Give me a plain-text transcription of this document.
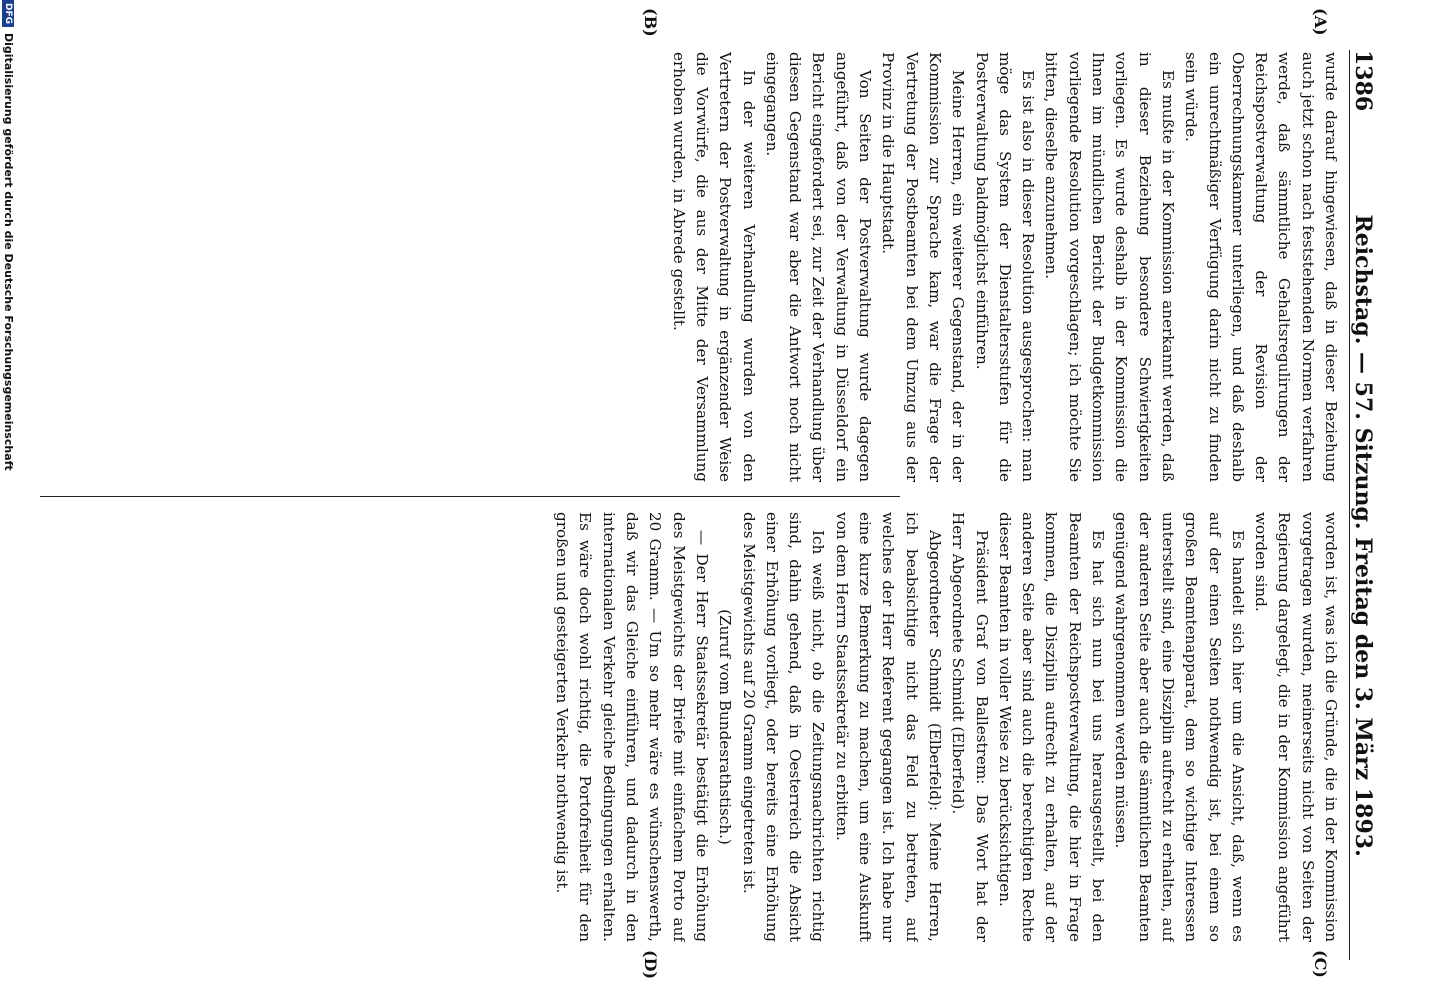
1386
Reichstag. — 57. Sitzung. Freitag den 3. März 1893.
(A)
(B)
(C)
(D)

wurde darauf hingewiesen, daß in dieser Beziehung auch jetzt schon nach feststehenden Normen verfahren werde, daß sämmtliche Gehaltsregulirungen der Reichspostverwaltung der Revision der Oberrechnungskammer unterliegen, und daß deshalb ein unrechtmäßiger Verfügung darin nicht zu finden sein würde.

Es mußte in der Kommission anerkannt werden, daß in dieser Beziehung besondere Schwierigkeiten vorliegen. Es wurde deshalb in der Kommission die Ihnen im mündlichen Bericht der Budgetkommission vorliegende Resolution vorgeschlagen; ich möchte Sie bitten, dieselbe anzunehmen.

Es ist also in dieser Resolution ausgesprochen: man möge das System der Dienstaltersstufen für die Postverwaltung baldmöglichst einführen.

Meine Herren, ein weiterer Gegenstand, der in der Kommission zur Sprache kam, war die Frage der Vertretung der Postbeamten bei dem Umzug aus der Provinz in die Hauptstadt.

Von Seiten der Postverwaltung wurde dagegen angeführt, daß von der Verwaltung in Düsseldorf ein Bericht eingefordert sei, zur Zeit der Verhandlung über diesen Gegenstand war aber die Antwort noch nicht eingegangen.

In der weiteren Verhandlung wurden von den Vertretern der Postverwaltung in ergänzender Weise die Vorwürfe, die aus der Mitte der Versammlung erhoben wurden, in Abrede gestellt.

worden ist, was ich die Gründe, die in der Kommission vorgetragen wurden, meinerseits nicht von Seiten der Regierung dargelegt, die in der Kommission angeführt worden sind.

Es handelt sich hier um die Ansicht, daß, wenn es auf der einen Seiten nothwendig ist, bei einem so großen Beamtenapparat, dem so wichtige Interessen unterstellt sind, eine Disziplin aufrecht zu erhalten, auf der anderen Seite aber auch die sämmtlichen Beamten genügend wahrgenommen werden müssen.

Es hat sich nun bei uns herausgestellt, bei den Beamten der Reichspostverwaltung, die hier in Frage kommen, die Disziplin aufrecht zu erhalten, auf der anderen Seite aber sind auch die berechtigten Rechte dieser Beamten in voller Weise zu berücksichtigen.

Präsident Graf von Ballestrem: Das Wort hat der Herr Abgeordnete Schmidt (Elberfeld).

Abgeordneter Schmidt (Elberfeld): Meine Herren, ich beabsichtige nicht das Feld zu betreten, auf welches der Herr Referent gegangen ist. Ich habe nur eine kurze Bemerkung zu machen, um eine Auskunft von dem Herrn Staatssekretär zu erbitten.

Ich weiß nicht, ob die Zeitungsnachrichten richtig sind, dahin gehend, daß in Oesterreich die Absicht einer Erhöhung vorliegt, oder bereits eine Erhöhung des Meistgewichts auf 20 Gramm eingetreten ist.

(Zuruf vom Bundesrathstisch.)

— Der Herr Staatssekretär bestätigt die Erhöhung des Meistgewichts der Briefe mit einfachem Porto auf 20 Gramm. — Um so mehr wäre es wünschenswerth, daß wir das Gleiche einführen, und dadurch in den internationalen Verkehr gleiche Bedingungen erhalten. Es wäre doch wohl richtig, die Portofreiheit für den großen und gesteigerten Verkehr nothwendig ist.

DFG
Digitalisierung gefördert durch die Deutsche Forschungsgemeinschaft
